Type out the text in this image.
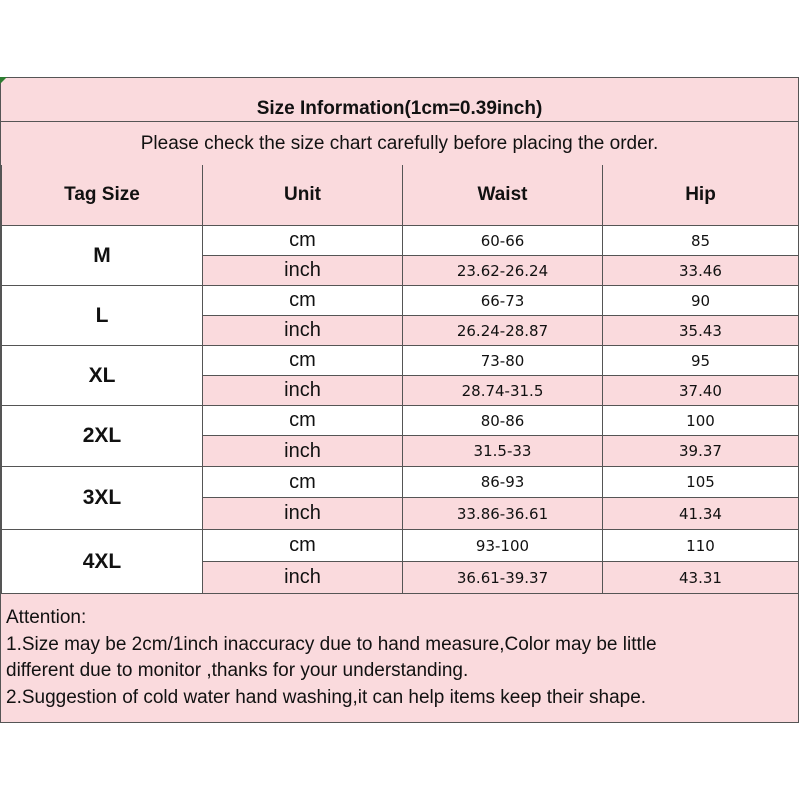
Size Information(1cm=0.39inch)
Please check the size chart carefully before placing the order.
Tag Size	Unit	Waist	Hip
M	cm	60-66	85
	inch	23.62-26.24	33.46
L	cm	66-73	90
	inch	26.24-28.87	35.43
XL	cm	73-80	95
	inch	28.74-31.5	37.40
2XL	cm	80-86	100
	inch	31.5-33	39.37
3XL	cm	86-93	105
	inch	33.86-36.61	41.34
4XL	cm	93-100	110
	inch	36.61-39.37	43.31
Attention:
1.Size may be 2cm/1inch inaccuracy due to hand measure,Color may be little
different due to monitor ,thanks for your understanding.
2.Suggestion of cold water hand washing,it can help items keep their shape.
